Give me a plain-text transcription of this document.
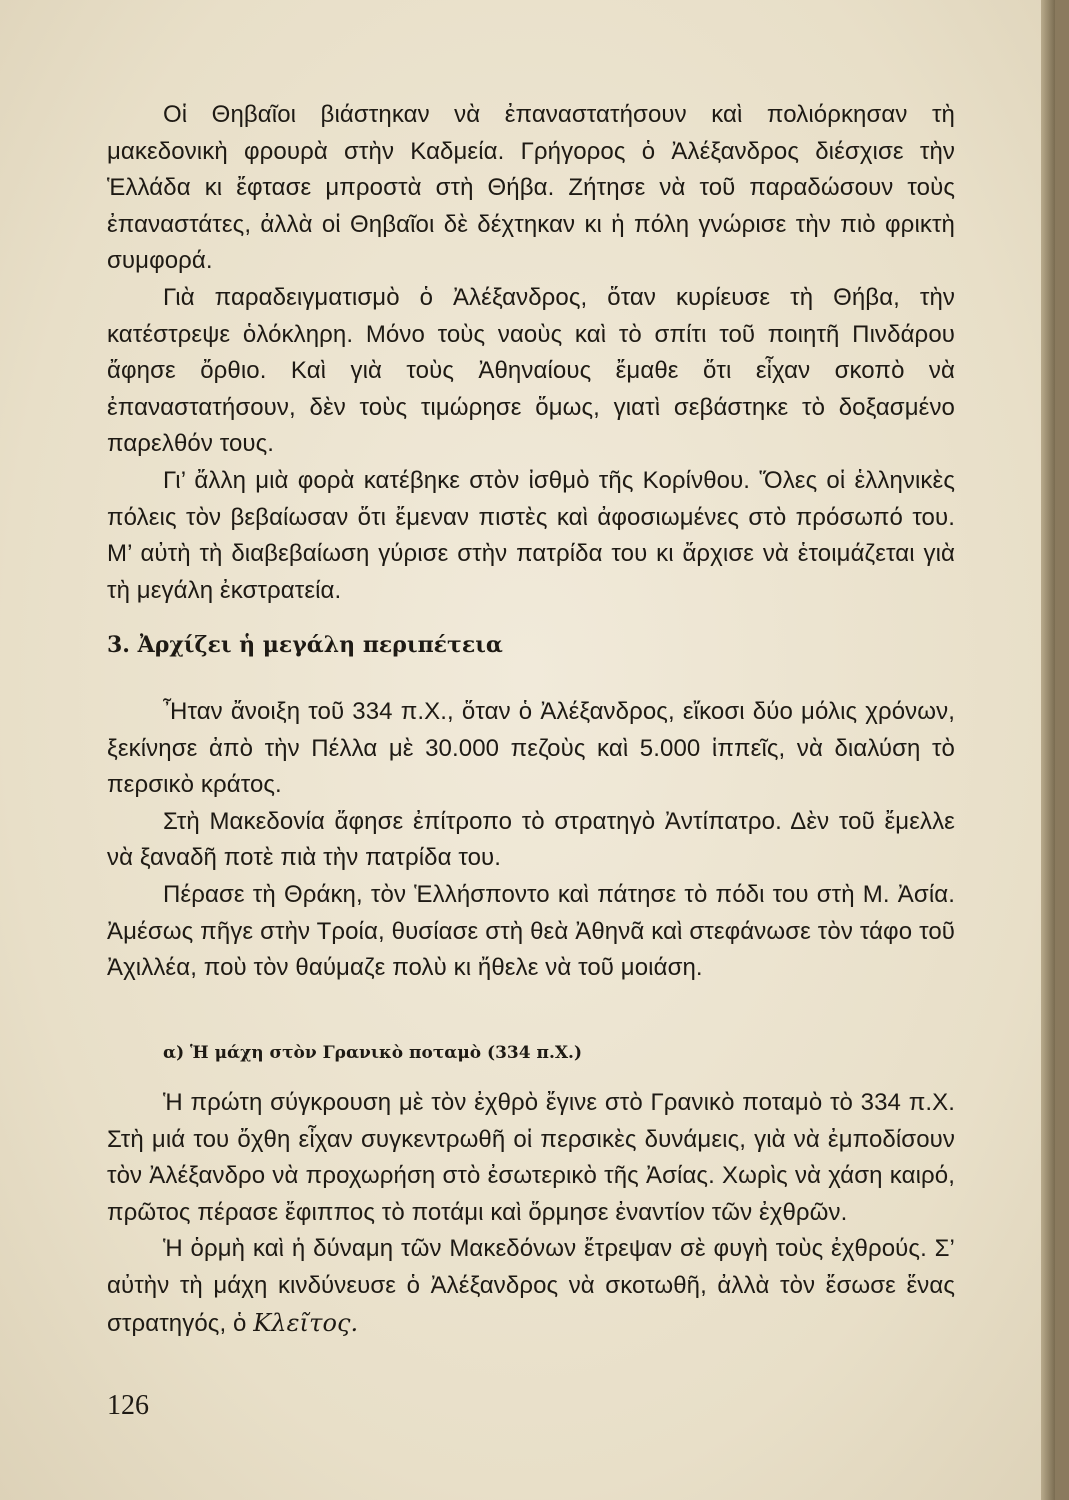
Οἱ Θηβαῖοι βιάστηκαν νὰ ἐπαναστατήσουν καὶ πολιόρκησαν τὴ μακεδονικὴ φρουρὰ στὴν Καδμεία. Γρήγορος ὁ Ἀλέξανδρος διέσχισε τὴν Ἑλλάδα κι ἔφτασε μπροστὰ στὴ Θήβα. Ζήτησε νὰ τοῦ παραδώσουν τοὺς ἐπαναστάτες, ἀλλὰ οἱ Θηβαῖοι δὲ δέχτηκαν κι ἡ πόλη γνώρισε τὴν πιὸ φρικτὴ συμφορά.

Γιὰ παραδειγματισμὸ ὁ Ἀλέξανδρος, ὅταν κυρίευσε τὴ Θήβα, τὴν κατέστρεψε ὁλόκληρη. Μόνο τοὺς ναοὺς καὶ τὸ σπίτι τοῦ ποιητῆ Πινδάρου ἄφησε ὄρθιο. Καὶ γιὰ τοὺς Ἀθηναίους ἔμαθε ὅτι εἶχαν σκοπὸ νὰ ἐπαναστατήσουν, δὲν τοὺς τιμώρησε ὅμως, γιατὶ σεβάστηκε τὸ δοξασμένο παρελθόν τους.

Γι’ ἄλλη μιὰ φορὰ κατέβηκε στὸν ἰσθμὸ τῆς Κορίνθου. Ὅλες οἱ ἑλληνικὲς πόλεις τὸν βεβαίωσαν ὅτι ἔμεναν πιστὲς καὶ ἀφοσιωμένες στὸ πρόσωπό του. Μ’ αὐτὴ τὴ διαβεβαίωση γύρισε στὴν πατρίδα του κι ἄρχισε νὰ ἑτοιμάζεται γιὰ τὴ μεγάλη ἐκστρατεία.

3. Ἀρχίζει ἡ μεγάλη περιπέτεια

Ἦταν ἄνοιξη τοῦ 334 π.Χ., ὅταν ὁ Ἀλέξανδρος, εἴκοσι δύο μόλις χρόνων, ξεκίνησε ἀπὸ τὴν Πέλλα μὲ 30.000 πεζοὺς καὶ 5.000 ἱππεῖς, νὰ διαλύση τὸ περσικὸ κράτος.

Στὴ Μακεδονία ἄφησε ἐπίτροπο τὸ στρατηγὸ Ἀντίπατρο. Δὲν τοῦ ἔμελλε νὰ ξαναδῆ ποτὲ πιὰ τὴν πατρίδα του.

Πέρασε τὴ Θράκη, τὸν Ἑλλήσποντο καὶ πάτησε τὸ πόδι του στὴ Μ. Ἀσία. Ἀμέσως πῆγε στὴν Τροία, θυσίασε στὴ θεὰ Ἀθηνᾶ καὶ στεφάνωσε τὸν τάφο τοῦ Ἀχιλλέα, ποὺ τὸν θαύμαζε πολὺ κι ἤθελε νὰ τοῦ μοιάση.

α) Ἡ μάχη στὸν Γρανικὸ ποταμὸ (334 π.Χ.)

Ἡ πρώτη σύγκρουση μὲ τὸν ἐχθρὸ ἔγινε στὸ Γρανικὸ ποταμὸ τὸ 334 π.Χ. Στὴ μιά του ὄχθη εἶχαν συγκεντρωθῆ οἱ περσικὲς δυνάμεις, γιὰ νὰ ἐμποδίσουν τὸν Ἀλέξανδρο νὰ προχωρήση στὸ ἐσωτερικὸ τῆς Ἀσίας. Χωρὶς νὰ χάση καιρό, πρῶτος πέρασε ἔφιππος τὸ ποτάμι καὶ ὅρμησε ἐναντίον τῶν ἐχθρῶν.

Ἡ ὁρμὴ καὶ ἡ δύναμη τῶν Μακεδόνων ἔτρεψαν σὲ φυγὴ τοὺς ἐχθρούς. Σ’ αὐτὴν τὴ μάχη κινδύνευσε ὁ Ἀλέξανδρος νὰ σκοτωθῆ, ἀλλὰ τὸν ἔσωσε ἕνας στρατηγός, ὁ Κλεῖτος.

126
